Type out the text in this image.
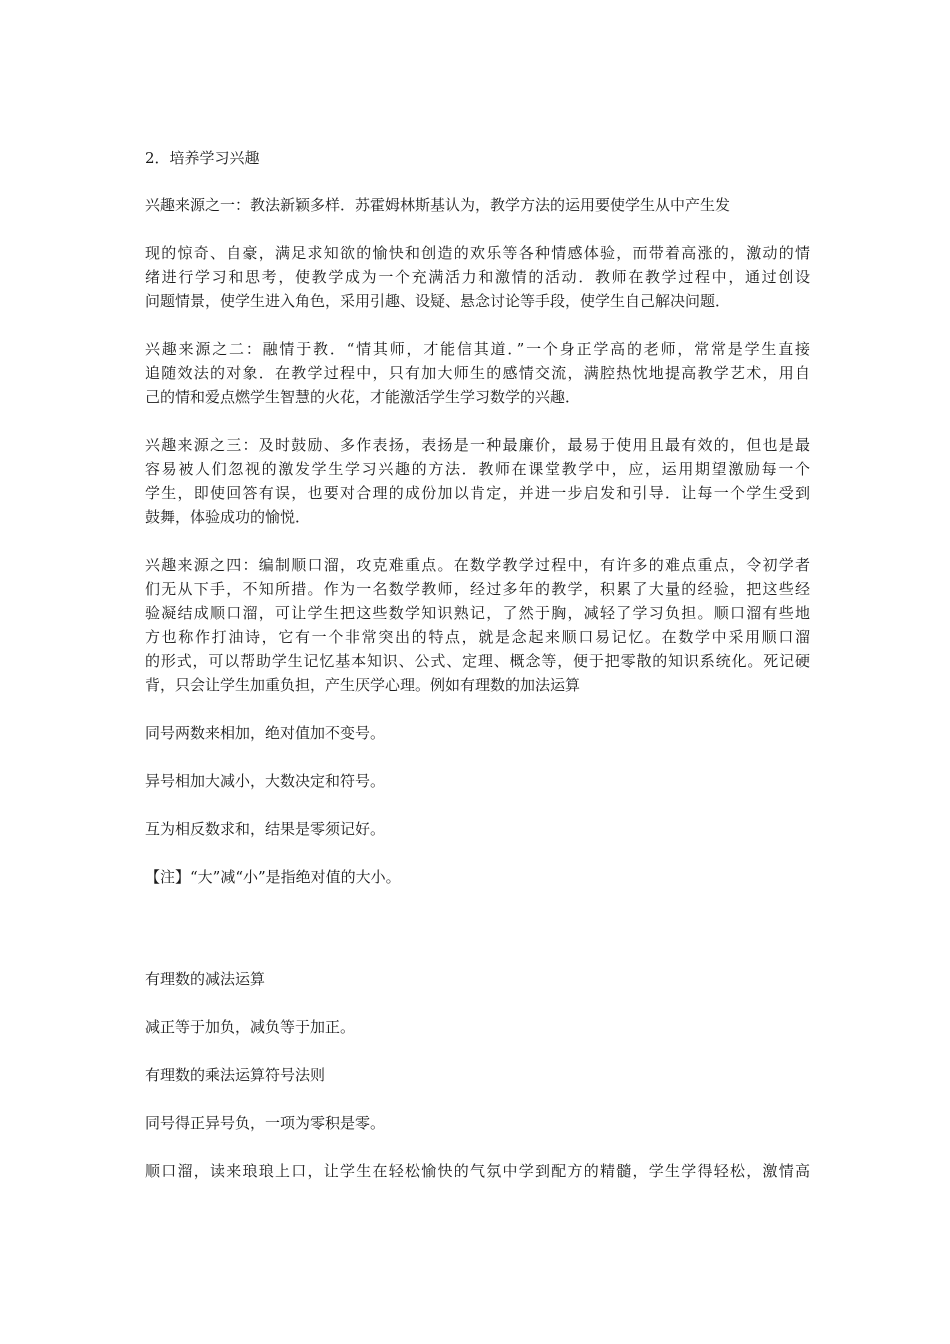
2．培养学习兴趣
兴趣来源之一：教法新颖多样．苏霍姆林斯基认为，教学方法的运用要使学生从中产生发
现的惊奇、自豪，满足求知欲的愉快和创造的欢乐等各种情感体验，而带着高涨的，激动的情
绪进行学习和思考，使教学成为一个充满活力和激情的活动．教师在教学过程中，通过创设
问题情景，使学生进入角色，采用引趣、设疑、悬念讨论等手段，使学生自己解决问题．
兴趣来源之二：融情于教．“情其师，才能信其道．”一个身正学高的老师，常常是学生直接
追随效法的对象．在教学过程中，只有加大师生的感情交流，满腔热忱地提高教学艺术，用自
己的情和爱点燃学生智慧的火花，才能激活学生学习数学的兴趣．
兴趣来源之三：及时鼓励、多作表扬，表扬是一种最廉价，最易于使用且最有效的，但也是最
容易被人们忽视的激发学生学习兴趣的方法．教师在课堂教学中，应，运用期望激励每一个
学生，即使回答有误，也要对合理的成份加以肯定，并进一步启发和引导．让每一个学生受到
鼓舞，体验成功的愉悦．
兴趣来源之四：编制顺口溜，攻克难重点。在数学教学过程中，有许多的难点重点，令初学者
们无从下手，不知所措。作为一名数学教师，经过多年的教学，积累了大量的经验，把这些经
验凝结成顺口溜，可让学生把这些数学知识熟记，了然于胸，减轻了学习负担。顺口溜有些地
方也称作打油诗，它有一个非常突出的特点，就是念起来顺口易记忆。在数学中采用顺口溜
的形式，可以帮助学生记忆基本知识、公式、定理、概念等，便于把零散的知识系统化。死记硬
背，只会让学生加重负担，产生厌学心理。例如有理数的加法运算
同号两数来相加，绝对值加不变号。
异号相加大减小，大数决定和符号。
互为相反数求和，结果是零须记好。
【注】“大”减“小”是指绝对值的大小。
有理数的减法运算
减正等于加负，减负等于加正。
有理数的乘法运算符号法则
同号得正异号负，一项为零积是零。
顺口溜，读来琅琅上口，让学生在轻松愉快的气氛中学到配方的精髓，学生学得轻松，激情高
